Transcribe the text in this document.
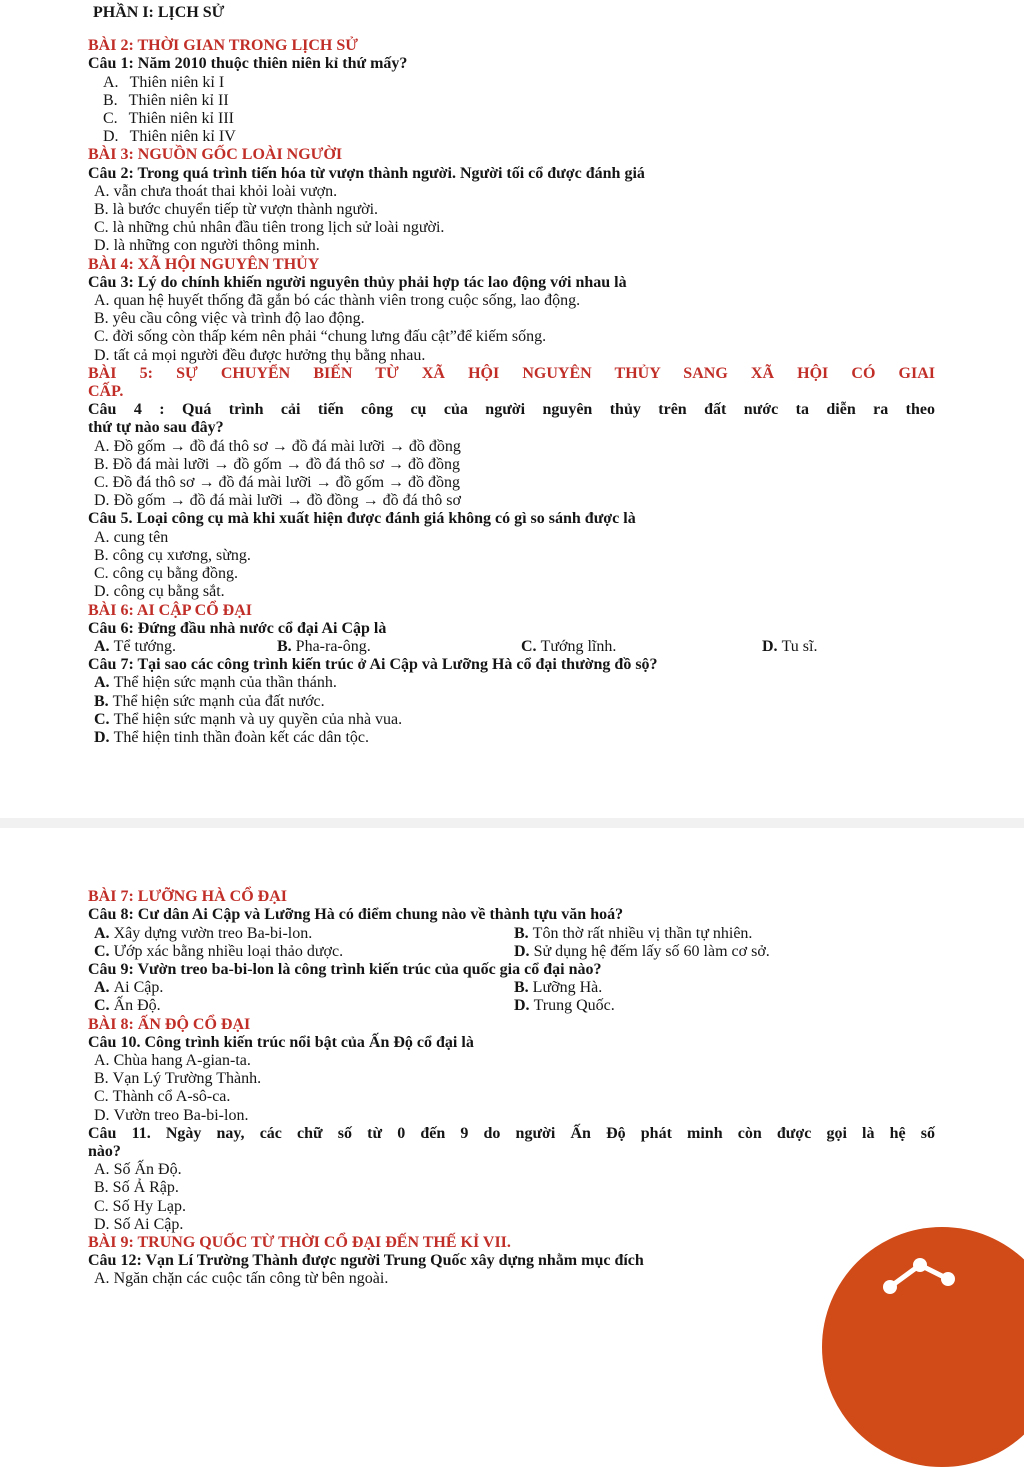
PHẦN I: LỊCH SỬ
BÀI 2: THỜI GIAN TRONG LỊCH SỬ
Câu 1: Năm 2010 thuộc thiên niên kỉ thứ mấy?
A. Thiên niên kỉ I
B. Thiên niên kỉ II
C. Thiên niên kỉ III
D. Thiên niên kỉ IV
BÀI 3: NGUỒN GỐC LOÀI NGƯỜI
Câu 2: Trong quá trình tiến hóa từ vượn thành người. Người tối cổ được đánh giá
A. vẫn chưa thoát thai khỏi loài vượn.
B. là bước chuyển tiếp từ vượn thành người.
C. là những chủ nhân đầu tiên trong lịch sử loài người.
D. là những con người thông minh.
BÀI 4: XÃ HỘI NGUYÊN THỦY
Câu 3: Lý do chính khiến người nguyên thủy phải hợp tác lao động với nhau là
A. quan hệ huyết thống đã gắn bó các thành viên trong cuộc sống, lao động.
B. yêu cầu công việc và trình độ lao động.
C. đời sống còn thấp kém nên phải “chung lưng đấu cật”để kiếm sống.
D. tất cả mọi người đều được hưởng thụ bằng nhau.
BÀI 5: SỰ CHUYỂN BIẾN TỪ XÃ HỘI NGUYÊN THỦY SANG XÃ HỘI CÓ GIAI
CẤP.
Câu 4 : Quá trình cải tiến công cụ của người nguyên thủy trên đất nước ta diễn ra theo
thứ tự nào sau đây?
A. Đồ gốm → đồ đá thô sơ → đồ đá mài lưỡi → đồ đồng
B. Đồ đá mài lưỡi → đồ gốm → đồ đá thô sơ → đồ đồng
C. Đồ đá thô sơ → đồ đá mài lưỡi → đồ gốm → đồ đồng
D. Đồ gốm → đồ đá mài lưỡi → đồ đồng → đồ đá thô sơ
Câu 5. Loại công cụ mà khi xuất hiện được đánh giá không có gì so sánh được là
A. cung tên
B. công cụ xương, sừng.
C. công cụ bằng đồng.
D. công cụ bằng sắt.
BÀI 6: AI CẬP CỔ ĐẠI
Câu 6: Đứng đầu nhà nước cổ đại Ai Cập là
A. Tể tướng.	B. Pha-ra-ông.	C. Tướng lĩnh.	D. Tu sĩ.
Câu 7: Tại sao các công trình kiến trúc ở Ai Cập và Lưỡng Hà cổ đại thường đồ sộ?
A. Thể hiện sức mạnh của thần thánh.
B. Thể hiện sức mạnh của đất nước.
C. Thể hiện sức mạnh và uy quyền của nhà vua.
D. Thể hiện tinh thần đoàn kết các dân tộc.
BÀI 7: LƯỠNG HÀ CỔ ĐẠI
Câu 8: Cư dân Ai Cập và Lưỡng Hà có điểm chung nào về thành tựu văn hoá?
A. Xây dựng vườn treo Ba-bi-lon.	B. Tôn thờ rất nhiều vị thần tự nhiên.
C. Ướp xác bằng nhiều loại thảo dược.	D. Sử dụng hệ đếm lấy số 60 làm cơ sở.
Câu 9: Vườn treo ba-bi-lon là công trình kiến trúc của quốc gia cổ đại nào?
A. Ai Cập.	B. Lưỡng Hà.
C. Ấn Độ.	D. Trung Quốc.
BÀI 8: ẤN ĐỘ CỔ ĐẠI
Câu 10. Công trình kiến trúc nổi bật của Ấn Độ cổ đại là
A. Chùa hang A-gian-ta.
B. Vạn Lý Trường Thành.
C. Thành cổ A-sô-ca.
D. Vườn treo Ba-bi-lon.
Câu 11. Ngày nay, các chữ số từ 0 đến 9 do người Ấn Độ phát minh còn được gọi là hệ số
nào?
A. Số Ấn Độ.
B. Số Ả Rập.
C. Số Hy Lạp.
D. Số Ai Cập.
BÀI 9: TRUNG QUỐC TỪ THỜI CỔ ĐẠI ĐẾN THẾ KỈ VII.
Câu 12: Vạn Lí Trường Thành được người Trung Quốc xây dựng nhằm mục đích
A. Ngăn chặn các cuộc tấn công từ bên ngoài.
